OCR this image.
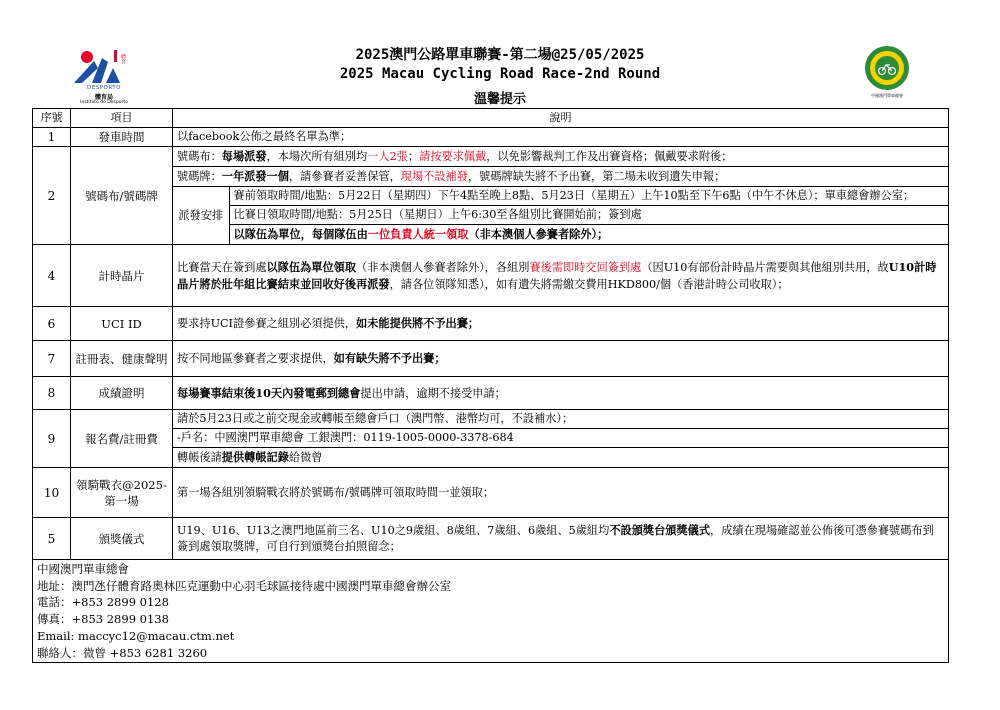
體育
DESPORTO
體育局
Instituto do Desporto
2025澳門公路單車聯賽-第二場@25/05/2025
2025 Macau Cycling Road Race-2nd Round
溫馨提示	中國澳門單車總會
序號	項目	說明
1	發車時間	以facebook公佈之最終名單為準；
2	號碼布/號碼牌	
號碼布：每場派發，本場次所有組別均一人2張；請按要求佩戴，以免影響裁判工作及出賽資格；佩戴要求附後；
號碼牌：一年派發一個，請參賽者妥善保管，現場不設補發，號碼牌缺失將不予出賽，第二場未收到遺失申報；
派發安排	賽前領取時間/地點：5月22日（星期四）下午4點至晚上8點、5月23日（星期五）上午10點至下午6點（中午不休息）；單車總會辦公室；
比賽日領取時間/地點：5月25日（星期日）上午6:30至各組別比賽開始前；簽到處
以隊伍為單位，每個隊伍由一位負責人統一領取（非本澳個人參賽者除外）；

4	計時晶片	比賽當天在簽到處以隊伍為單位領取（非本澳個人參賽者除外），各組別賽後需即時交回簽到處（因U10有部份計時晶片需要與其他組別共用，故U10計時晶片將於壯年組比賽結束並回收好後再派發，請各位領隊知悉），如有遺失將需繳交費用HKD800/個（香港計時公司收取）；
6	UCI ID	要求持UCI證參賽之組別必須提供，如未能提供將不予出賽；
7	註冊表、健康聲明	按不同地區參賽者之要求提供，如有缺失將不予出賽；
8	成績證明	每場賽事結束後10天內發電郵到總會提出申請，逾期不接受申請；
9	報名費/註冊費	
請於5月23日或之前交現金或轉帳至總會戶口（澳門幣、港幣均可，不設補水）；
-戶名：中國澳門單車總會 工銀澳門：0119-1005-0000-3378-684
轉帳後請提供轉帳記錄給微曾

10	領騎戰衣@2025-第一場	第一場各組別領騎戰衣將於號碼布/號碼牌可領取時間一並領取；
5	頒獎儀式	U19、U16、U13之澳門地區前三名、U10之9歲組、8歲組、7歲組、6歲組、5歲組均不設頒獎台頒獎儀式，成績在現場確認並公佈後可憑參賽號碼布到簽到處領取獎牌，可自行到頒獎台拍照留念；

中國澳門單車總會
地址：澳門氹仔體育路奧林匹克運動中心羽毛球區接待處中國澳門單車總會辦公室
電話：+853 2899 0128
傳真：+853 2899 0138
Email: maccyc12@macau.ctm.net
聯絡人：微曾 +853 6281 3260
